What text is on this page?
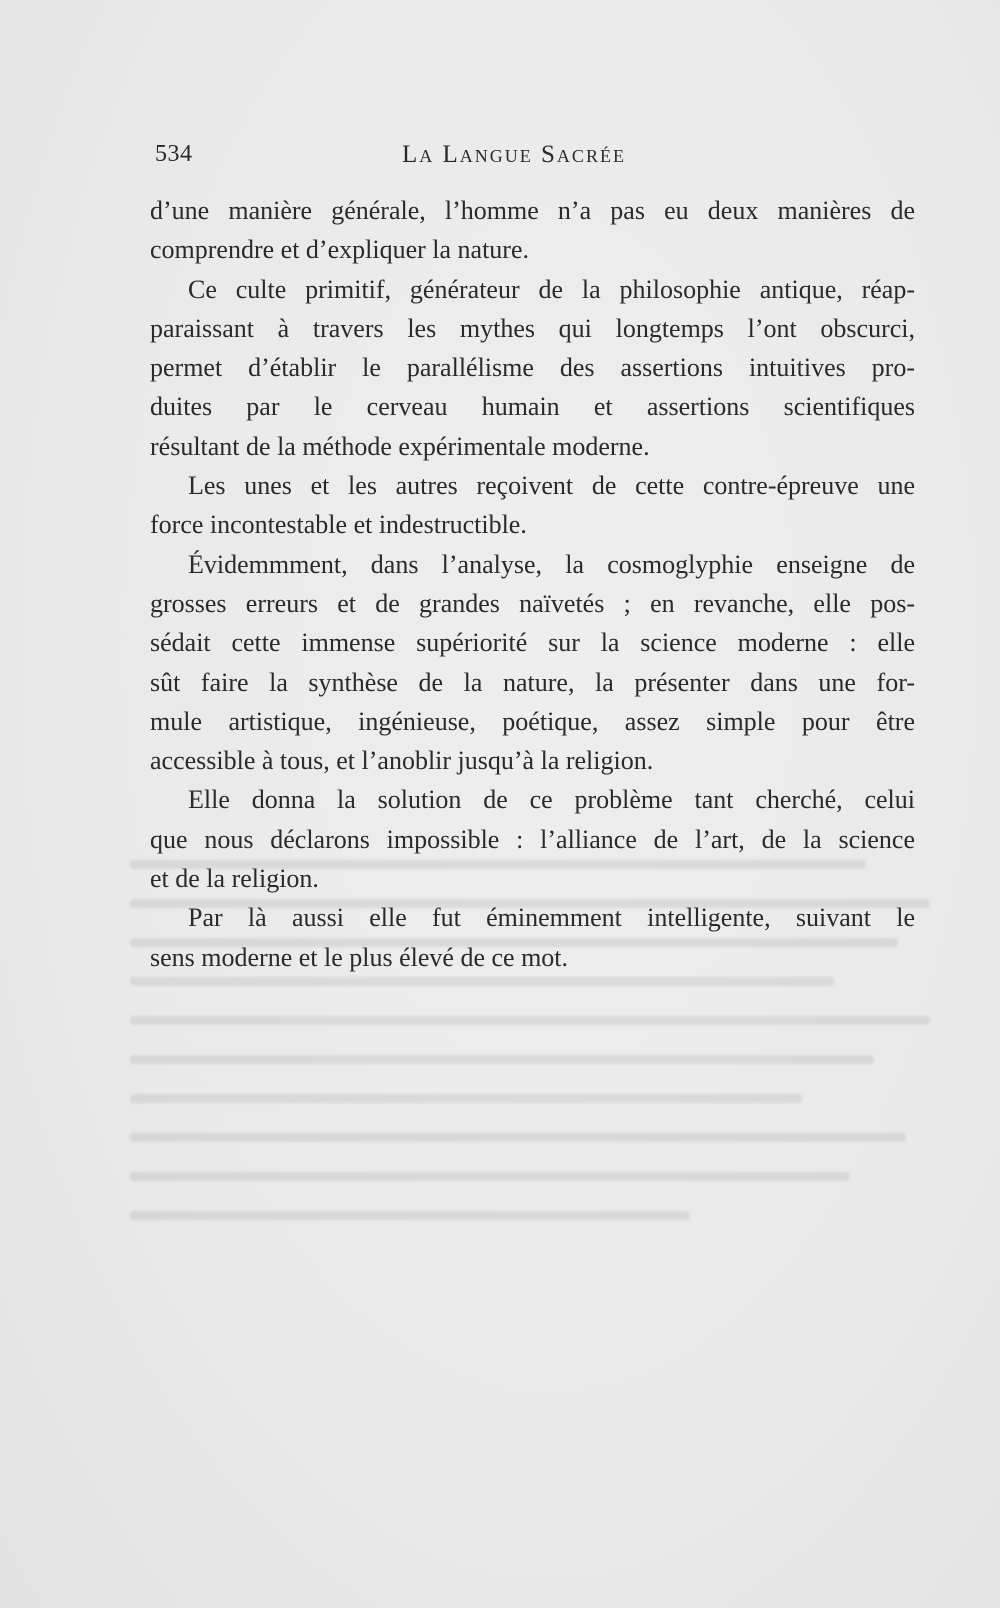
534	La Langue Sacrée
d’une manière générale, l’homme n’a pas eu deux manières de
comprendre et d’expliquer la nature.
Ce culte primitif, générateur de la philosophie antique, réap-
paraissant à travers les mythes qui longtemps l’ont obscurci,
permet d’établir le parallélisme des assertions intuitives pro-
duites par le cerveau humain et assertions scientifiques
résultant de la méthode expérimentale moderne.
Les unes et les autres reçoivent de cette contre-épreuve une
force incontestable et indestructible.
Évidemmment, dans l’analyse, la cosmoglyphie enseigne de
grosses erreurs et de grandes naïvetés ; en revanche, elle pos-
sédait cette immense supériorité sur la science moderne : elle
sût faire la synthèse de la nature, la présenter dans une for-
mule artistique, ingénieuse, poétique, assez simple pour être
accessible à tous, et l’anoblir jusqu’à la religion.
Elle donna la solution de ce problème tant cherché, celui
que nous déclarons impossible : l’alliance de l’art, de la science
et de la religion.
Par là aussi elle fut éminemment intelligente, suivant le
sens moderne et le plus élevé de ce mot.
